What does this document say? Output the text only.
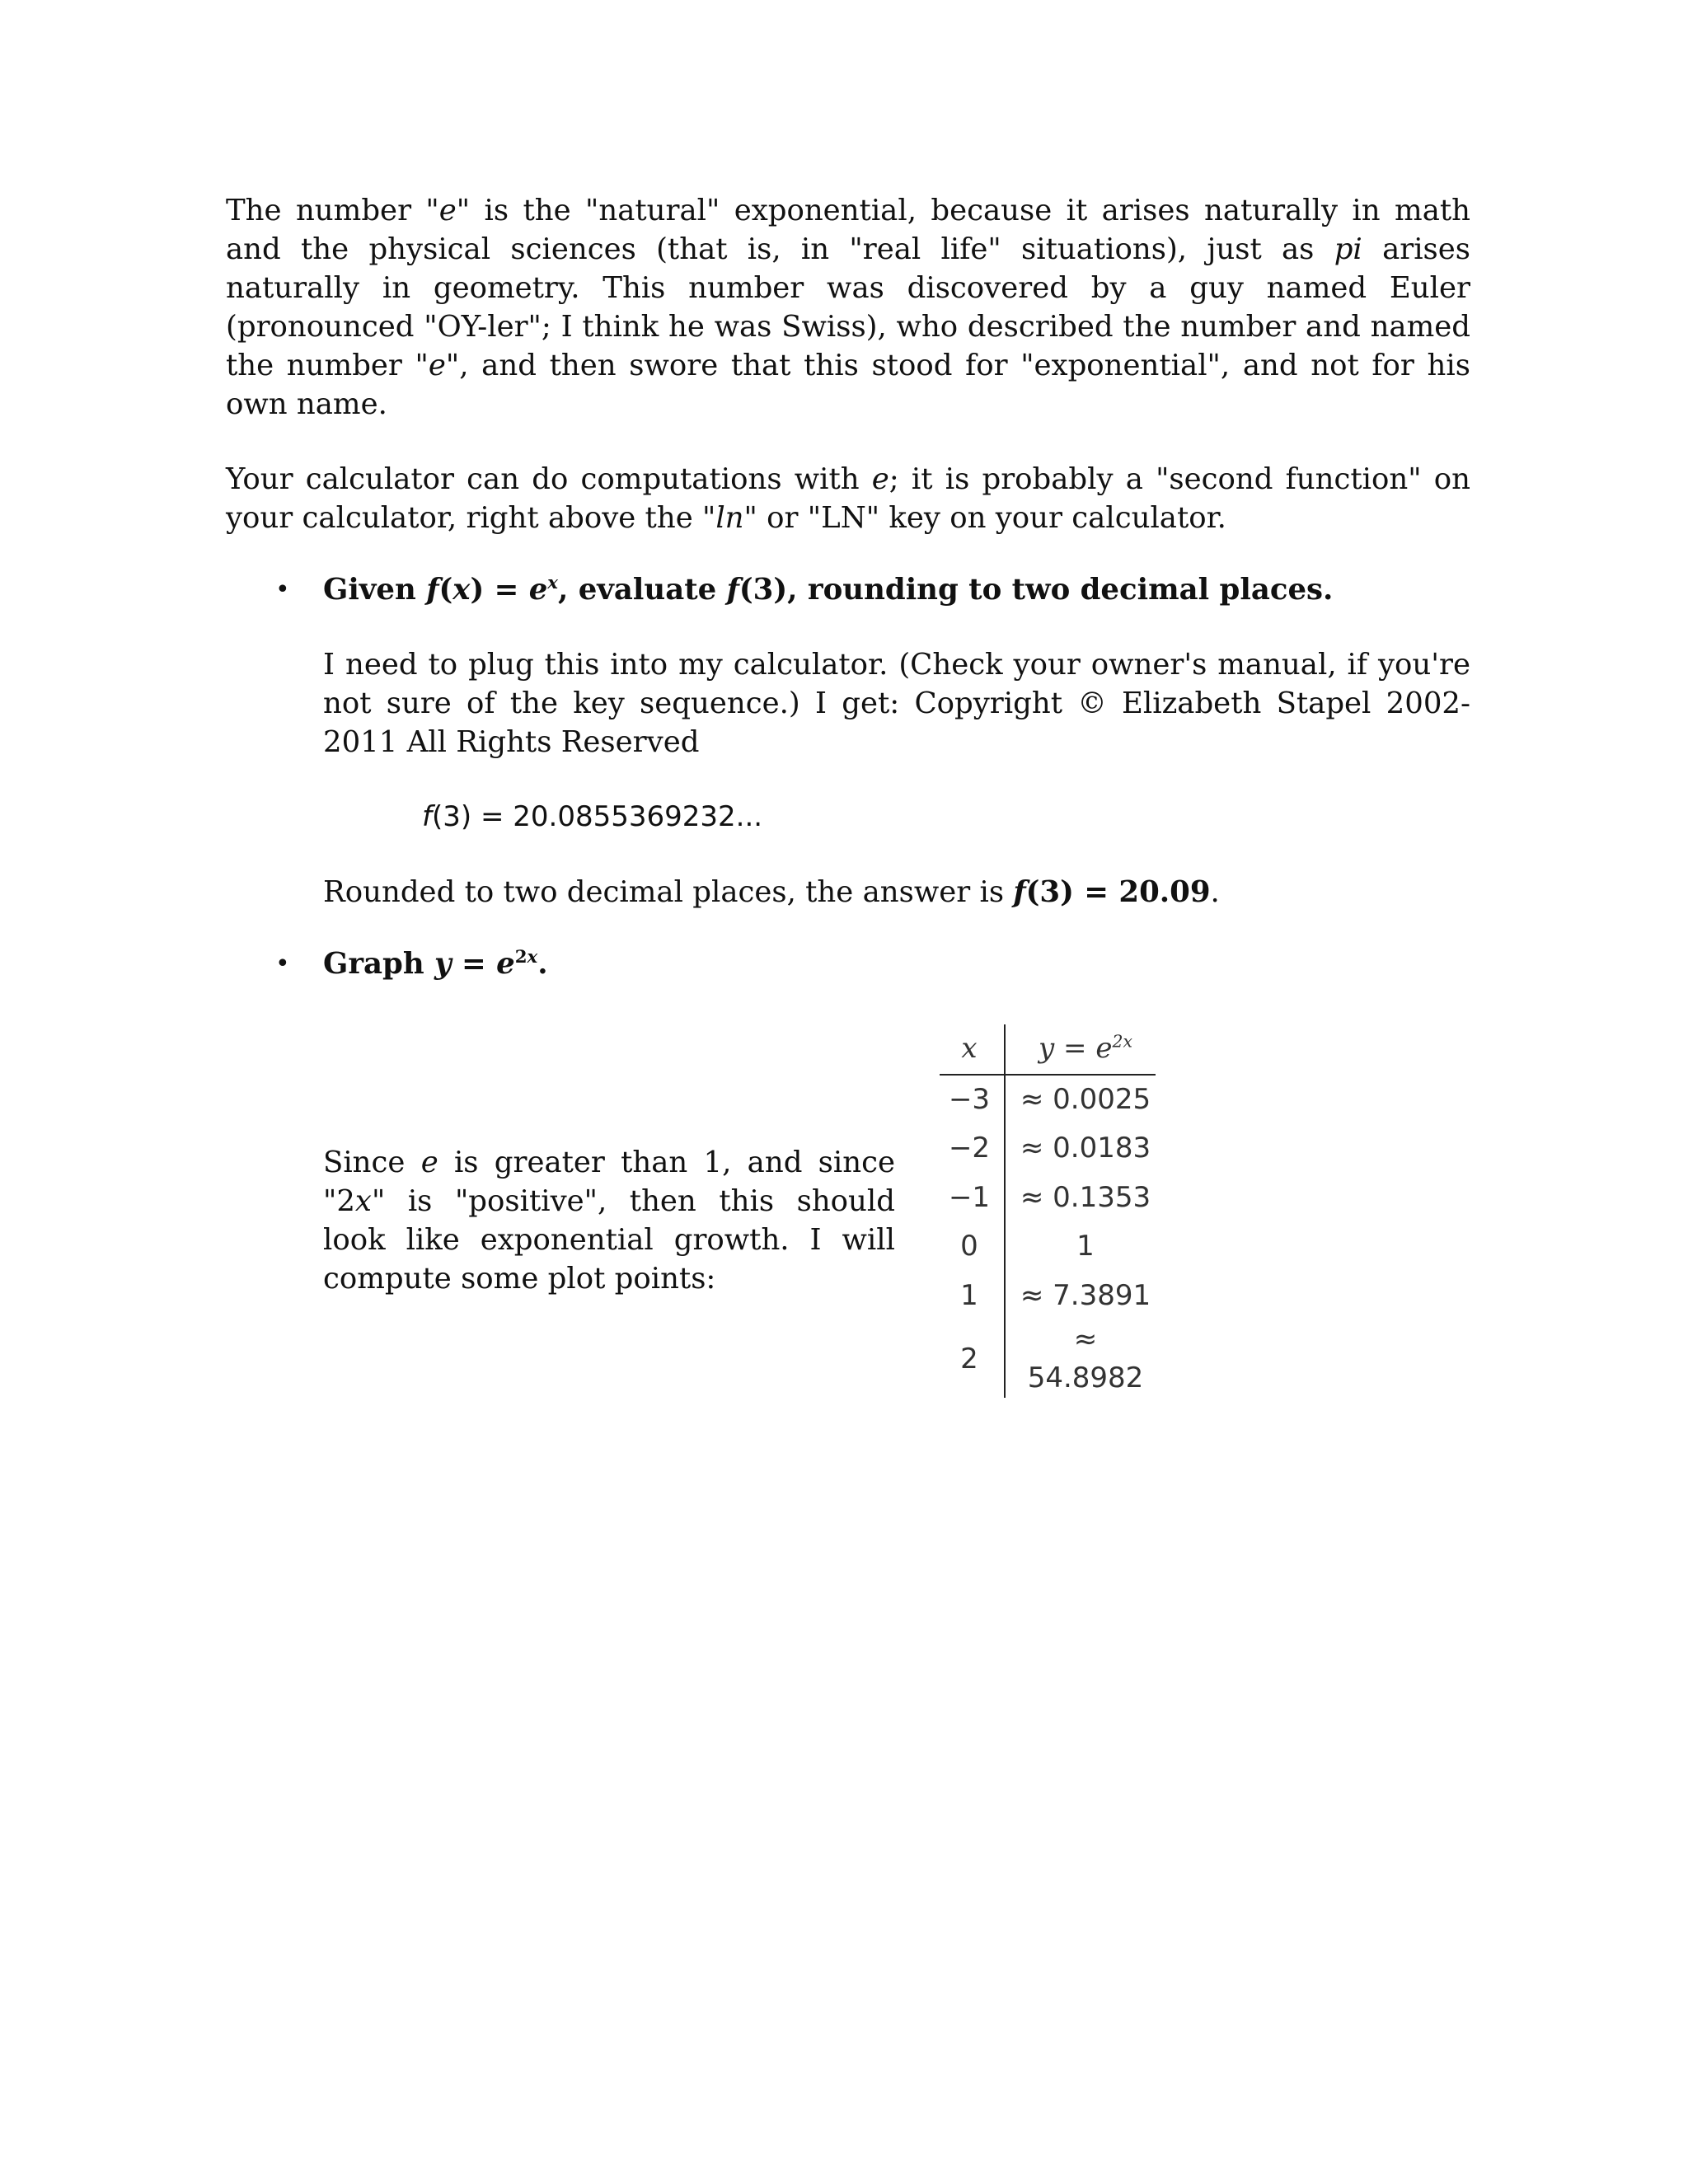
The number "e" is the "natural" exponential, because it arises naturally in math and the physical sciences (that is, in "real life" situations), just as pi arises naturally in geometry. This number was discovered by a guy named Euler (pronounced "OY-ler"; I think he was Swiss), who described the number and named the number "e", and then swore that this stood for "exponential", and not for his own name.

Your calculator can do computations with e; it is probably a "second function" on your calculator, right above the "ln" or "LN" key on your calculator.

• Given $f(x) = e^x$, evaluate f(3), rounding to two decimal places.

I need to plug this into my calculator. (Check your owner's manual, if you're not sure of the key sequence.) I get: Copyright © Elizabeth Stapel 2002-2011 All Rights Reserved

f(3) = 20.0855369232...

Rounded to two decimal places, the answer is f(3) = 20.09.

• Graph $y = e^{2x}$.

Since e is greater than 1, and since "2x" is "positive", then this should look like exponential growth. I will compute some plot points:

x	$y = e^{2x}$
−3	≈ 0.0025
−2	≈ 0.0183
−1	≈ 0.1353
0	1
1	≈ 7.3891
2	≈ 54.8982
